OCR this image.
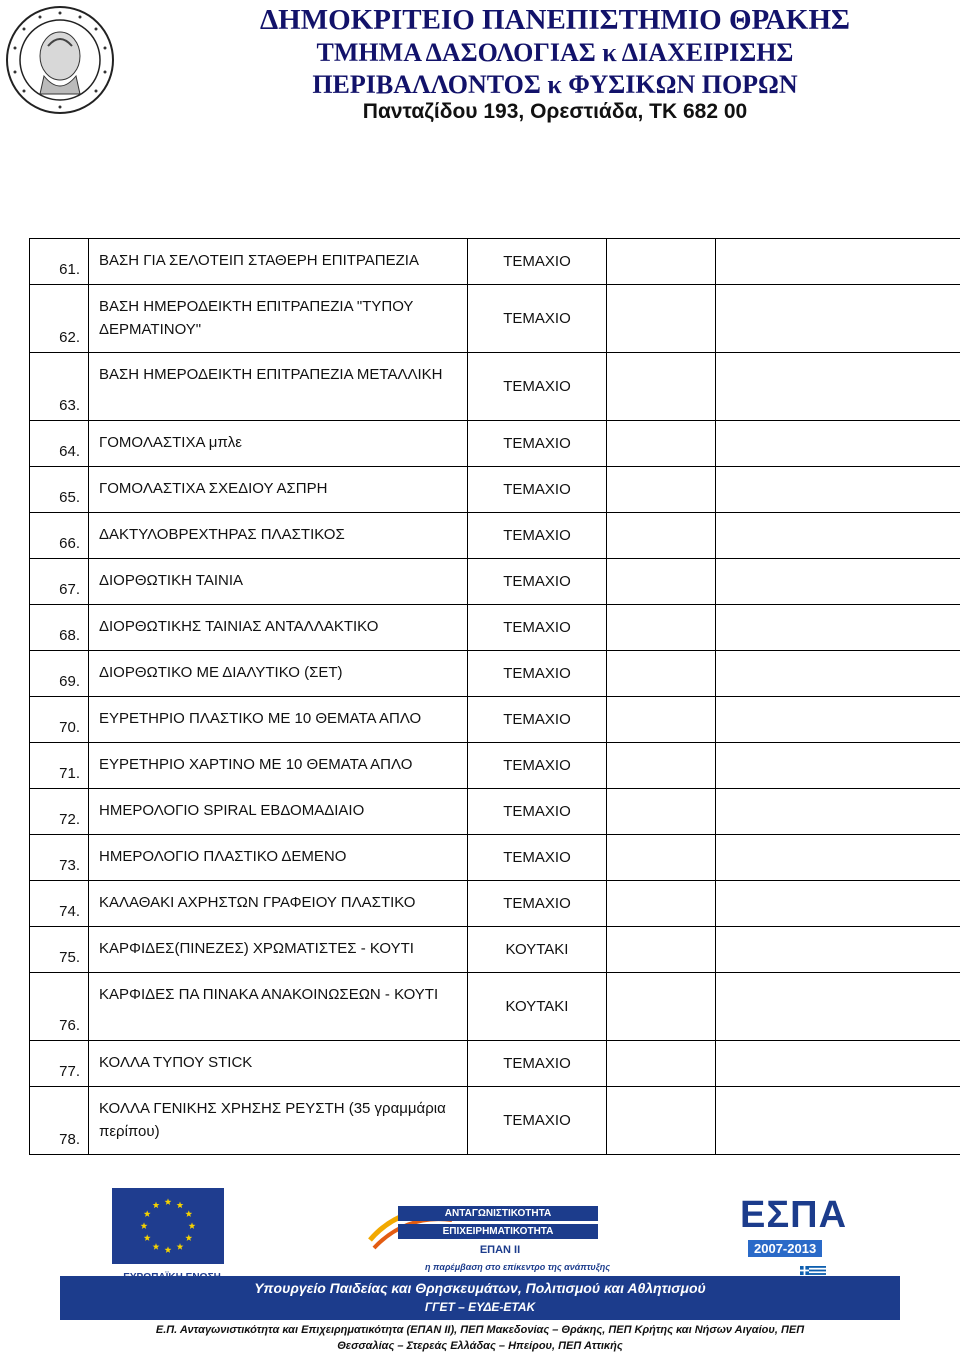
ΔΗΜΟΚΡΙΤΕΙΟ ΠΑΝΕΠΙΣΤΗΜΙΟ ΘΡΑΚΗΣ
ΤΜΗΜΑ ΔΑΣΟΛΟΓΙΑΣ κ ΔΙΑΧΕΙΡΙΣΗΣ
ΠΕΡΙΒΑΛΛΟΝΤΟΣ κ ΦΥΣΙΚΩΝ ΠΟΡΩΝ
Πανταζίδου 193, Ορεστιάδα, ΤΚ 682 00
61.	ΒΑΣΗ ΓΙΑ ΣΕΛΟΤΕΙΠ ΣΤΑΘΕΡΗ ΕΠΙΤΡΑΠΕΖΙΑ	ΤΕΜΑΧΙΟ		
62.	ΒΑΣΗ ΗΜΕΡΟΔΕΙΚΤΗ ΕΠΙΤΡΑΠΕΖΙΑ "ΤΥΠΟΥ ΔΕΡΜΑΤΙΝΟΥ"	ΤΕΜΑΧΙΟ		
63.	ΒΑΣΗ ΗΜΕΡΟΔΕΙΚΤΗ ΕΠΙΤΡΑΠΕΖΙΑ ΜΕΤΑΛΛΙΚΗ	ΤΕΜΑΧΙΟ		
64.	ΓΟΜΟΛΑΣΤΙΧΑ μπλε	ΤΕΜΑΧΙΟ		
65.	ΓΟΜΟΛΑΣΤΙΧΑ ΣΧΕΔΙΟΥ ΑΣΠΡΗ	ΤΕΜΑΧΙΟ		
66.	ΔΑΚΤΥΛΟΒΡΕΧΤΗΡΑΣ ΠΛΑΣΤΙΚΟΣ	ΤΕΜΑΧΙΟ		
67.	ΔΙΟΡΘΩΤΙΚΗ ΤΑΙΝΙΑ	ΤΕΜΑΧΙΟ		
68.	ΔΙΟΡΘΩΤΙΚΗΣ ΤΑΙΝΙΑΣ ΑΝΤΑΛΛΑΚΤΙΚΟ	ΤΕΜΑΧΙΟ		
69.	ΔΙΟΡΘΩΤΙΚΟ ΜΕ ΔΙΑΛΥΤΙΚΟ (ΣΕΤ)	ΤΕΜΑΧΙΟ		
70.	ΕΥΡΕΤΗΡΙΟ ΠΛΑΣΤΙΚΟ ΜΕ 10 ΘΕΜΑΤΑ ΑΠΛΟ	ΤΕΜΑΧΙΟ		
71.	ΕΥΡΕΤΗΡΙΟ ΧΑΡΤΙΝΟ ΜΕ 10 ΘΕΜΑΤΑ ΑΠΛΟ	ΤΕΜΑΧΙΟ		
72.	ΗΜΕΡΟΛΟΓΙΟ SPIRAL ΕΒΔΟΜΑΔΙΑΙΟ	ΤΕΜΑΧΙΟ		
73.	ΗΜΕΡΟΛΟΓΙΟ ΠΛΑΣΤΙΚΟ ΔΕΜΕΝΟ	ΤΕΜΑΧΙΟ		
74.	ΚΑΛΑΘΑΚΙ ΑΧΡΗΣΤΩΝ ΓΡΑΦΕΙΟΥ ΠΛΑΣΤΙΚΟ	ΤΕΜΑΧΙΟ		
75.	ΚΑΡΦΙΔΕΣ(ΠΙΝΕΖΕΣ) ΧΡΩΜΑΤΙΣΤΕΣ - ΚΟΥΤΙ	ΚΟΥΤΑΚΙ		
76.	ΚΑΡΦΙΔΕΣ ΠΑ ΠΙΝΑΚΑ ΑΝΑΚΟΙΝΩΣΕΩΝ - ΚΟΥΤΙ	ΚΟΥΤΑΚΙ		
77.	ΚΟΛΛΑ ΤΥΠΟΥ STICK	ΤΕΜΑΧΙΟ		
78.	ΚΟΛΛΑ ΓΕΝΙΚΗΣ ΧΡΗΣΗΣ ΡΕΥΣΤΗ (35 γραμμάρια περίπου)	ΤΕΜΑΧΙΟ		
ΑΝΤΑΓΩΝΙΣΤΙΚΟΤΗΤΑ
ΕΠΙΧΕΙΡΗΜΑΤΙΚΟΤΗΤΑ
ΕΠΑΝ ΙΙ
η παρέμβαση στο επίκεντρο της ανάπτυξης
ΕΣΠΑ
2007-2013
Υπουργείο Παιδείας και Θρησκευμάτων, Πολιτισμού και Αθλητισμού
ΓΓΕΤ – ΕΥΔΕ-ΕΤΑΚ
Ε.Π. Ανταγωνιστικότητα και Επιχειρηματικότητα (ΕΠΑΝ ΙΙ), ΠΕΠ Μακεδονίας – Θράκης, ΠΕΠ Κρήτης και Νήσων Αιγαίου, ΠΕΠ
Θεσσαλίας – Στερεάς Ελλάδας – Ηπείρου, ΠΕΠ Αττικής
